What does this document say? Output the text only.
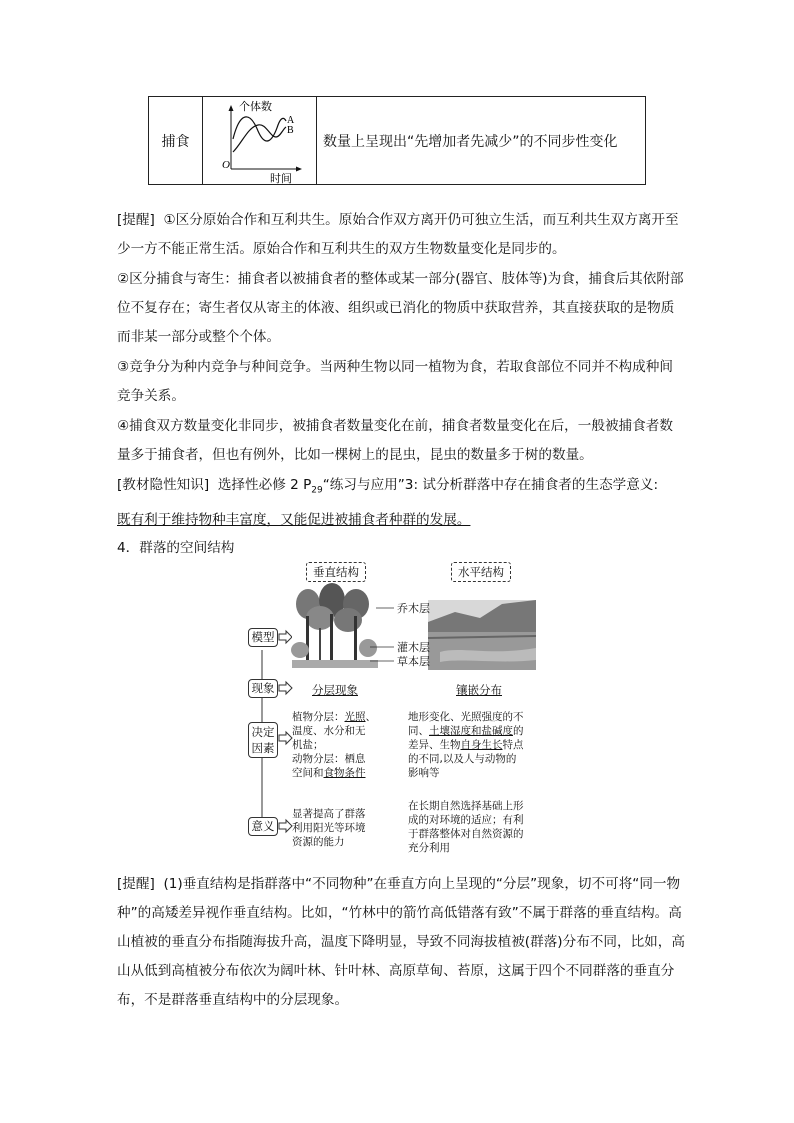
捕食
个体数
A
B
O
时间
数量上呈现出“先增加者先减少”的不同步性变化
[提醒] ①区分原始合作和互利共生。原始合作双方离开仍可独立生活，而互利共生双方离开至少一方不能正常生活。原始合作和互利共生的双方生物数量变化是同步的。
②区分捕食与寄生：捕食者以被捕食者的整体或某一部分(器官、肢体等)为食，捕食后其依附部位不复存在；寄生者仅从寄主的体液、组织或已消化的物质中获取营养，其直接获取的是物质而非某一部分或整个个体。
③竞争分为种内竞争与种间竞争。当两种生物以同一植物为食，若取食部位不同并不构成种间竞争关系。
④捕食双方数量变化非同步，被捕食者数量变化在前，捕食者数量变化在后，一般被捕食者数量多于捕食者，但也有例外，比如一棵树上的昆虫，昆虫的数量多于树的数量。
[教材隐性知识] 选择性必修 2 $P_{29}“$练习与应用”3: 试分析群落中存在捕食者的生态学意义:
既有利于维持物种丰富度，又能促进被捕食者种群的发展。
4．群落的空间结构
垂直结构	水平结构
乔木层
灌木层
草本层
模型
现象
决定因素
意义
分层现象	镶嵌分布
植物分层：光照、
温度、水分和无
机盐；
动物分层：栖息
空间和食物条件
地形变化、光照强度的不
同、土壤湿度和盐碱度的
差异、生物自身生长特点
的不同,以及人与动物的
影响等
显著提高了群落
利用阳光等环境
资源的能力
在长期自然选择基础上形
成的对环境的适应；有利
于群落整体对自然资源的
充分利用
[提醒] (1)垂直结构是指群落中“不同物种”在垂直方向上呈现的“分层”现象，切不可将“同一物种”的高矮差异视作垂直结构。比如，“竹林中的箭竹高低错落有致”不属于群落的垂直结构。高山植被的垂直分布指随海拔升高，温度下降明显，导致不同海拔植被(群落)分布不同，比如，高山从低到高植被分布依次为阔叶林、针叶林、高原草甸、苔原，这属于四个不同群落的垂直分布，不是群落垂直结构中的分层现象。
